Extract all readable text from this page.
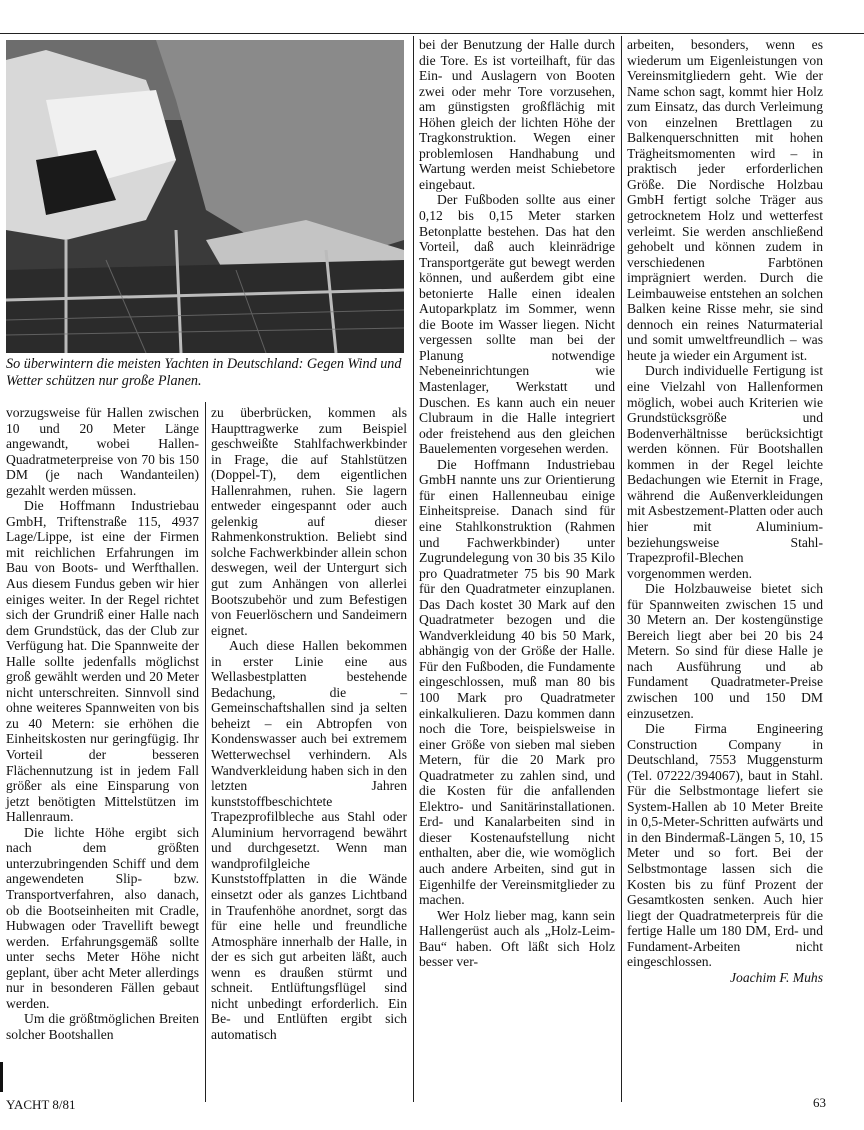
So überwintern die meisten Yachten in Deutschland: Gegen Wind und Wetter schützen nur große Planen.

vorzugsweise für Hallen zwischen 10 und 20 Meter Länge angewandt, wobei Hallen-Quadratmeterpreise von 70 bis 150 DM (je nach Wandanteilen) gezahlt werden müssen.

Die Hoffmann Industriebau GmbH, Triftenstraße 115, 4937 Lage/Lippe, ist eine der Firmen mit reichlichen Erfahrungen im Bau von Boots- und Werfthallen. Aus diesem Fundus geben wir hier einiges weiter. In der Regel richtet sich der Grundriß einer Halle nach dem Grundstück, das der Club zur Verfügung hat. Die Spannweite der Halle sollte jedenfalls möglichst groß gewählt werden und 20 Meter nicht unterschreiten. Sinnvoll sind ohne weiteres Spannweiten von bis zu 40 Metern: sie erhöhen die Einheitskosten nur geringfügig. Ihr Vorteil der besseren Flächennutzung ist in jedem Fall größer als eine Einsparung von jetzt benötigten Mittelstützen im Hallenraum.

Die lichte Höhe ergibt sich nach dem größten unterzubringenden Schiff und dem angewendeten Slip- bzw. Transportverfahren, also danach, ob die Bootseinheiten mit Cradle, Hubwagen oder Travellift bewegt werden. Erfahrungsgemäß sollte unter sechs Meter Höhe nicht geplant, über acht Meter allerdings nur in besonderen Fällen gebaut werden.

Um die größtmöglichen Breiten solcher Bootshallen

zu überbrücken, kommen als Haupttragwerke zum Beispiel geschweißte Stahlfachwerkbinder in Frage, die auf Stahlstützen (Doppel-T), dem eigentlichen Hallenrahmen, ruhen. Sie lagern entweder eingespannt oder auch gelenkig auf dieser Rahmenkonstruktion. Beliebt sind solche Fachwerkbinder allein schon deswegen, weil der Untergurt sich gut zum Anhängen von allerlei Bootszubehör und zum Befestigen von Feuerlöschern und Sandeimern eignet.

Auch diese Hallen bekommen in erster Linie eine aus Wellasbestplatten bestehende Bedachung, die – Gemeinschaftshallen sind ja selten beheizt – ein Abtropfen von Kondenswasser auch bei extremem Wetterwechsel verhindern. Als Wandverkleidung haben sich in den letzten Jahren kunststoffbeschichtete Trapezprofilbleche aus Stahl oder Aluminium hervorragend bewährt und durchgesetzt. Wenn man wandprofilgleiche Kunststoffplatten in die Wände einsetzt oder als ganzes Lichtband in Traufenhöhe anordnet, sorgt das für eine helle und freundliche Atmosphäre innerhalb der Halle, in der es sich gut arbeiten läßt, auch wenn es draußen stürmt und schneit. Entlüftungsflügel sind nicht unbedingt erforderlich. Ein Be- und Entlüften ergibt sich automatisch

bei der Benutzung der Halle durch die Tore. Es ist vorteilhaft, für das Ein- und Auslagern von Booten zwei oder mehr Tore vorzusehen, am günstigsten großflächig mit Höhen gleich der lichten Höhe der Tragkonstruktion. Wegen einer problemlosen Handhabung und Wartung werden meist Schiebetore eingebaut.

Der Fußboden sollte aus einer 0,12 bis 0,15 Meter starken Betonplatte bestehen. Das hat den Vorteil, daß auch kleinrädrige Transportgeräte gut bewegt werden können, und außerdem gibt eine betonierte Halle einen idealen Autoparkplatz im Sommer, wenn die Boote im Wasser liegen. Nicht vergessen sollte man bei der Planung notwendige Nebeneinrichtungen wie Mastenlager, Werkstatt und Duschen. Es kann auch ein neuer Clubraum in die Halle integriert oder freistehend aus den gleichen Bauelementen vorgesehen werden.

Die Hoffmann Industriebau GmbH nannte uns zur Orientierung für einen Hallenneubau einige Einheitspreise. Danach sind für eine Stahlkonstruktion (Rahmen und Fachwerkbinder) unter Zugrundelegung von 30 bis 35 Kilo pro Quadratmeter 75 bis 90 Mark für den Quadratmeter einzuplanen. Das Dach kostet 30 Mark auf den Quadratmeter bezogen und die Wandverkleidung 40 bis 50 Mark, abhängig von der Größe der Halle. Für den Fußboden, die Fundamente eingeschlossen, muß man 80 bis 100 Mark pro Quadratmeter einkalkulieren. Dazu kommen dann noch die Tore, beispielsweise in einer Größe von sieben mal sieben Metern, für die 20 Mark pro Quadratmeter zu zahlen sind, und die Kosten für die anfallenden Elektro- und Sanitärinstallationen. Erd- und Kanalarbeiten sind in dieser Kostenaufstellung nicht enthalten, aber die, wie womöglich auch andere Arbeiten, sind gut in Eigenhilfe der Vereinsmitglieder zu machen.

Wer Holz lieber mag, kann sein Hallengerüst auch als „Holz-Leim-Bau“ haben. Oft läßt sich Holz besser ver-

arbeiten, besonders, wenn es wiederum um Eigenleistungen von Vereinsmitgliedern geht. Wie der Name schon sagt, kommt hier Holz zum Einsatz, das durch Verleimung von einzelnen Brettlagen zu Balkenquerschnitten mit hohen Trägheitsmomenten wird – in praktisch jeder erforderlichen Größe. Die Nordische Holzbau GmbH fertigt solche Träger aus getrocknetem Holz und wetterfest verleimt. Sie werden anschließend gehobelt und können zudem in verschiedenen Farbtönen imprägniert werden. Durch die Leimbauweise entstehen an solchen Balken keine Risse mehr, sie sind dennoch ein reines Naturmaterial und somit umweltfreundlich – was heute ja wieder ein Argument ist.

Durch individuelle Fertigung ist eine Vielzahl von Hallenformen möglich, wobei auch Kriterien wie Grundstücksgröße und Bodenverhältnisse berücksichtigt werden können. Für Bootshallen kommen in der Regel leichte Bedachungen wie Eternit in Frage, während die Außenverkleidungen mit Asbestzement-Platten oder auch hier mit Aluminium- beziehungsweise Stahl-Trapezprofil-Blechen vorgenommen werden.

Die Holzbauweise bietet sich für Spannweiten zwischen 15 und 30 Metern an. Der kostengünstige Bereich liegt aber bei 20 bis 24 Metern. So sind für diese Halle je nach Ausführung und ab Fundament Quadratmeter-Preise zwischen 100 und 150 DM einzusetzen.

Die Firma Engineering Construction Company in Deutschland, 7553 Muggensturm (Tel. 07222/394067), baut in Stahl. Für die Selbstmontage liefert sie System-Hallen ab 10 Meter Breite in 0,5-Meter-Schritten aufwärts und in den Bindermaß-Längen 5, 10, 15 Meter und so fort. Bei der Selbstmontage lassen sich die Kosten bis zu fünf Prozent der Gesamtkosten senken. Auch hier liegt der Quadratmeterpreis für die fertige Halle um 180 DM, Erd- und Fundament-Arbeiten nicht eingeschlossen.

Joachim F. Muhs

YACHT 8/81	63
